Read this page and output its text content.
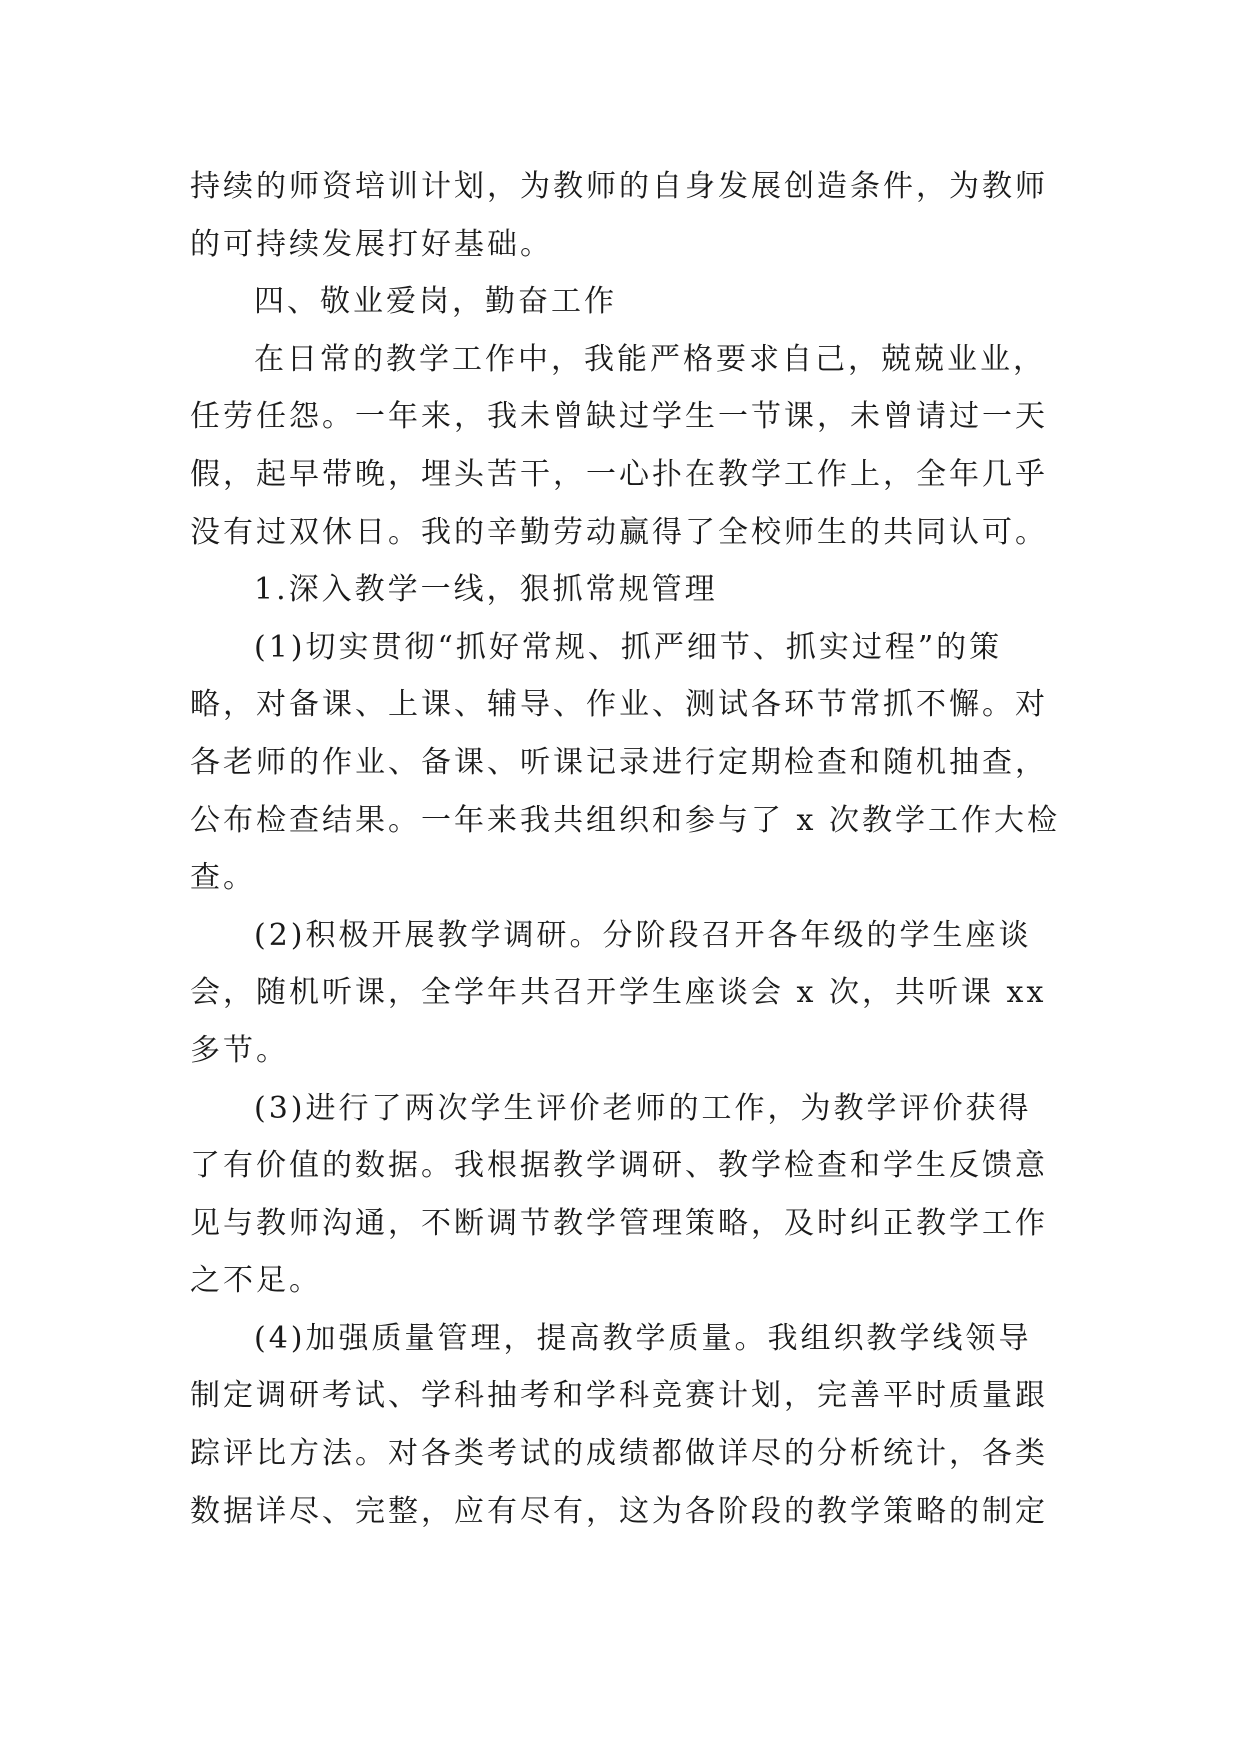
持续的师资培训计划，为教师的自身发展创造条件，为教师
的可持续发展打好基础。
四、敬业爱岗，勤奋工作
在日常的教学工作中，我能严格要求自己，兢兢业业，
任劳任怨。一年来，我未曾缺过学生一节课，未曾请过一天
假，起早带晚，埋头苦干，一心扑在教学工作上，全年几乎
没有过双休日。我的辛勤劳动赢得了全校师生的共同认可。
1.深入教学一线，狠抓常规管理
(1)切实贯彻“抓好常规、抓严细节、抓实过程”的策
略，对备课、上课、辅导、作业、测试各环节常抓不懈。对
各老师的作业、备课、听课记录进行定期检查和随机抽查，
公布检查结果。一年来我共组织和参与了 x 次教学工作大检
查。
(2)积极开展教学调研。分阶段召开各年级的学生座谈
会，随机听课，全学年共召开学生座谈会 x 次，共听课 xx
多节。
(3)进行了两次学生评价老师的工作，为教学评价获得
了有价值的数据。我根据教学调研、教学检查和学生反馈意
见与教师沟通，不断调节教学管理策略，及时纠正教学工作
之不足。
(4)加强质量管理，提高教学质量。我组织教学线领导
制定调研考试、学科抽考和学科竞赛计划，完善平时质量跟
踪评比方法。对各类考试的成绩都做详尽的分析统计，各类
数据详尽、完整，应有尽有，这为各阶段的教学策略的制定
